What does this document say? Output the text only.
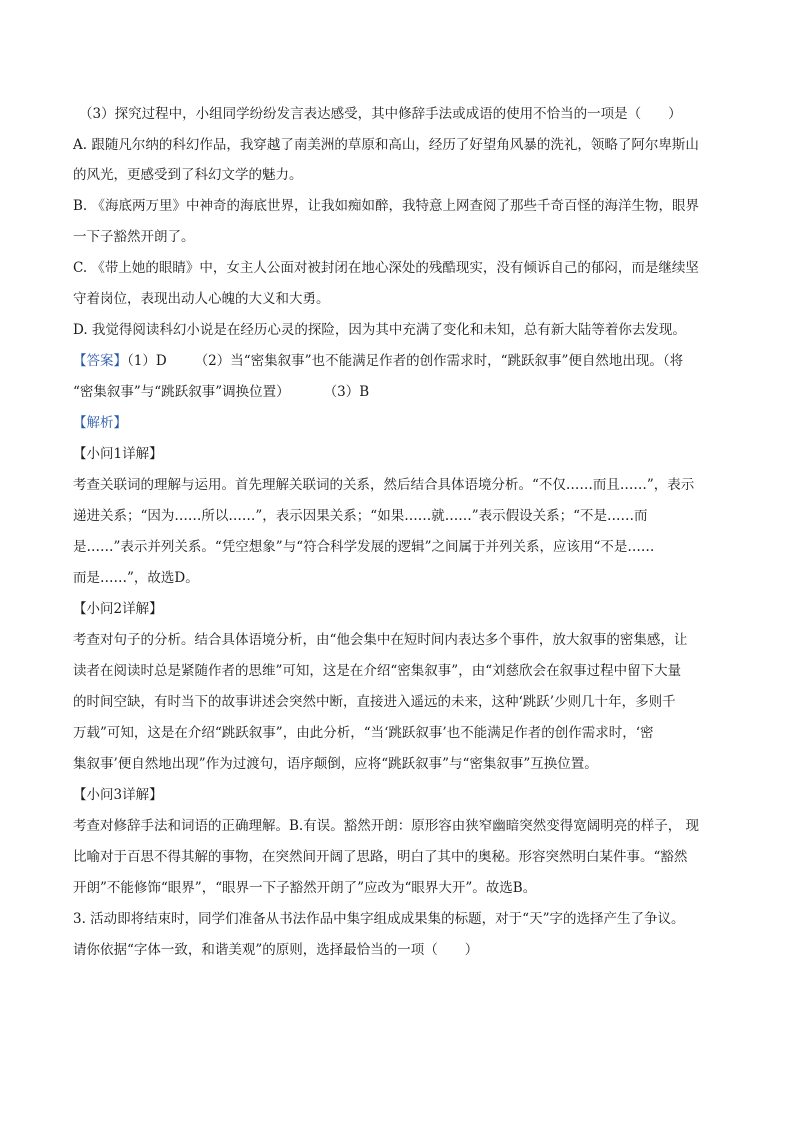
（3）探究过程中，小组同学纷纷发言表达感受，其中修辞手法或成语的使用不恰当的一项是（　　）
A. 跟随凡尔纳的科幻作品，我穿越了南美洲的草原和高山，经历了好望角风暴的洗礼，领略了阿尔卑斯山
的风光，更感受到了科幻文学的魅力。
B. 《海底两万里》中神奇的海底世界，让我如痴如醉，我特意上网查阅了那些千奇百怪的海洋生物，眼界
一下子豁然开朗了。
C. 《带上她的眼睛》中，女主人公面对被封闭在地心深处的残酷现实，没有倾诉自己的郁闷，而是继续坚
守着岗位，表现出动人心魄的大义和大勇。
D. 我觉得阅读科幻小说是在经历心灵的探险，因为其中充满了变化和未知，总有新大陆等着你去发现。
【答案】（1）D （2）当“密集叙事”也不能满足作者的创作需求时，“跳跃叙事”便自然地出现。（将
“密集叙事”与“跳跃叙事”调换位置）	（3）B
【解析】
【小问1详解】
考查关联词的理解与运用。首先理解关联词的关系，然后结合具体语境分析。“不仅……而且……”，表示
递进关系；“因为……所以……”，表示因果关系；“如果……就……”表示假设关系；“不是……而
是……”表示并列关系。“凭空想象”与“符合科学发展的逻辑”之间属于并列关系，应该用“不是……
而是……”，故选D。
【小问2详解】
考查对句子的分析。结合具体语境分析，由“他会集中在短时间内表达多个事件，放大叙事的密集感，让
读者在阅读时总是紧随作者的思维”可知，这是在介绍“密集叙事”，由“刘慈欣会在叙事过程中留下大量
的时间空缺，有时当下的故事讲述会突然中断，直接进入遥远的未来，这种‘跳跃’少则几十年，多则千
万载”可知，这是在介绍“跳跃叙事”，由此分析，“当‘跳跃叙事’也不能满足作者的创作需求时，‘密
集叙事’便自然地出现”作为过渡句，语序颠倒，应将“跳跃叙事”与“密集叙事”互换位置。
【小问3详解】
考查对修辞手法和词语的正确理解。B.有误。豁然开朗：原形容由狭窄幽暗突然变得宽阔明亮的样子， 现
比喻对于百思不得其解的事物，在突然间开阔了思路，明白了其中的奥秘。形容突然明白某件事。“豁然
开朗”不能修饰“眼界”，“眼界一下子豁然开朗了”应改为“眼界大开”。故选B。
3. 活动即将结束时，同学们准备从书法作品中集字组成成果集的标题，对于“天”字的选择产生了争议。
请你依据“字体一致，和谐美观”的原则，选择最恰当的一项（　　）
